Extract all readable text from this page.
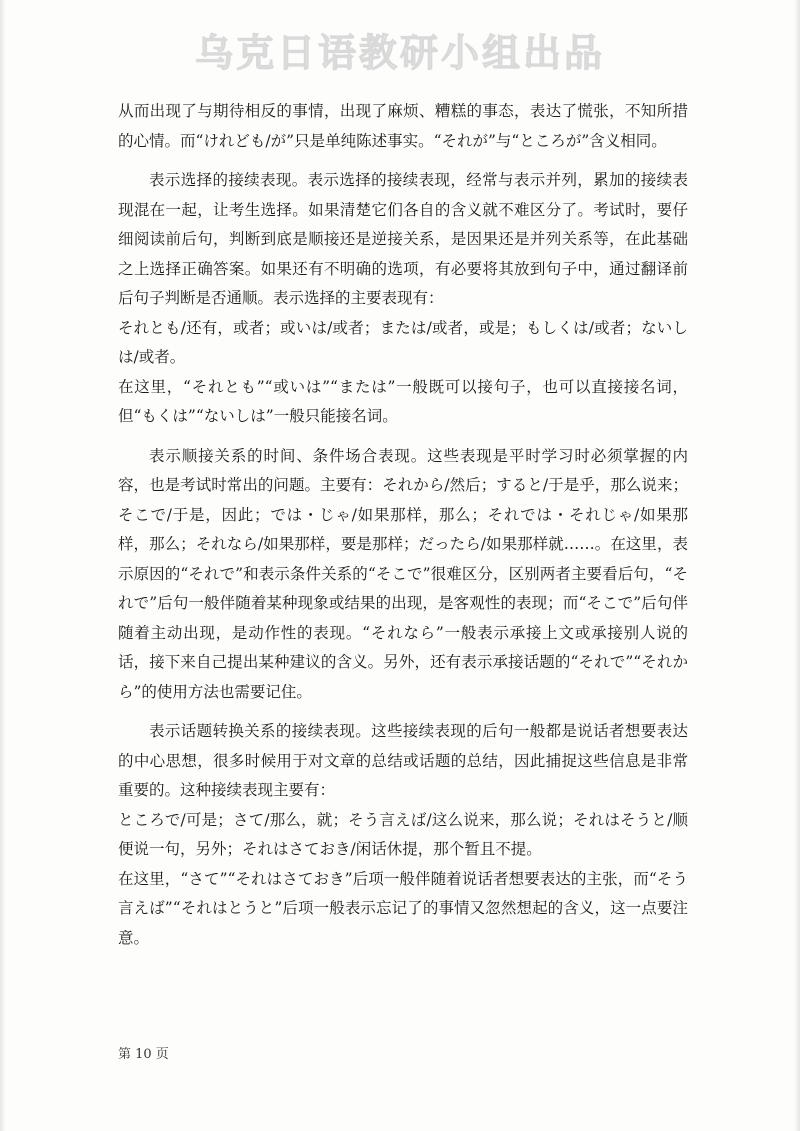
乌克日语教研小组出品

从而出现了与期待相反的事情，出现了麻烦、糟糕的事态，表达了慌张，不知所措的心情。而“けれども/が”只是单纯陈述事实。“それが”与“ところが”含义相同。

表示选择的接续表现。表示选择的接续表现，经常与表示并列，累加的接续表现混在一起，让考生选择。如果清楚它们各自的含义就不难区分了。考试时，要仔细阅读前后句，判断到底是顺接还是逆接关系，是因果还是并列关系等，在此基础之上选择正确答案。如果还有不明确的选项，有必要将其放到句子中，通过翻译前后句子判断是否通顺。表示选择的主要表现有：

それとも/还有，或者；或いは/或者；または/或者，或是；もしくは/或者；ないしは/或者。

在这里，“それとも”“或いは”“または”一般既可以接句子，也可以直接接名词，但“もくは”“ないしは”一般只能接名词。

表示顺接关系的时间、条件场合表现。这些表现是平时学习时必须掌握的内容，也是考试时常出的问题。主要有：それから/然后；すると/于是乎，那么说来；そこで/于是，因此；では・じゃ/如果那样，那么；それでは・それじゃ/如果那样，那么；それなら/如果那样，要是那样；だったら/如果那样就……。在这里，表示原因的“それで”和表示条件关系的“そこで”很难区分，区别两者主要看后句，“それで”后句一般伴随着某种现象或结果的出现，是客观性的表现；而“そこで”后句伴随着主动出现，是动作性的表现。“それなら”一般表示承接上文或承接别人说的话，接下来自己提出某种建议的含义。另外，还有表示承接话题的“それで”“それから”的使用方法也需要记住。

表示话题转换关系的接续表现。这些接续表现的后句一般都是说话者想要表达的中心思想，很多时候用于对文章的总结或话题的总结，因此捕捉这些信息是非常重要的。这种接续表现主要有：

ところで/可是；さて/那么，就；そう言えば/这么说来，那么说；それはそうと/顺便说一句，另外；それはさておき/闲话休提，那个暂且不提。

在这里，“さて”“それはさておき”后项一般伴随着说话者想要表达的主张，而“そう言えば”“それはとうと”后项一般表示忘记了的事情又忽然想起的含义，这一点要注意。

第 10 页
